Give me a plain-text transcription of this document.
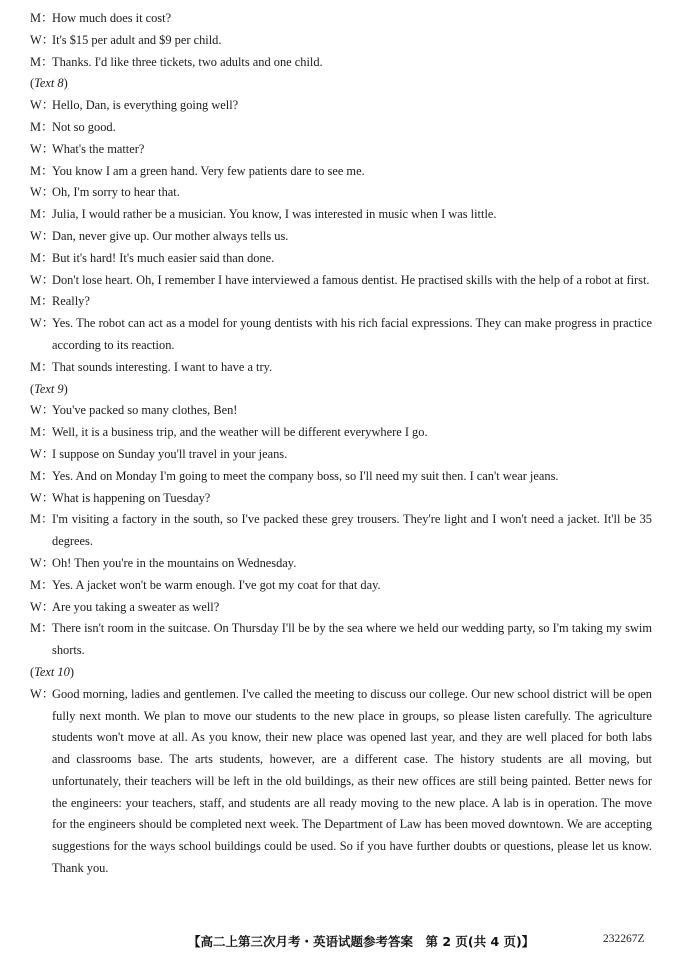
M：
How much does it cost?
W：
It's $15 per adult and $9 per child.
M：
Thanks. I'd like three tickets, two adults and one child.
(Text 8)
W：
Hello, Dan, is everything going well?
M：
Not so good.
W：
What's the matter?
M：
You know I am a green hand. Very few patients dare to see me.
W：
Oh, I'm sorry to hear that.
M：
Julia, I would rather be a musician. You know, I was interested in music when I was little.
W：
Dan, never give up. Our mother always tells us.
M：
But it's hard! It's much easier said than done.
W：
Don't lose heart. Oh, I remember I have interviewed a famous dentist. He practised skills with the help of a robot at first.
M：
Really?
W：
Yes. The robot can act as a model for young dentists with his rich facial expressions. They can make progress in practice according to its reaction.
M：
That sounds interesting. I want to have a try.
(Text 9)
W：
You've packed so many clothes, Ben!
M：
Well, it is a business trip, and the weather will be different everywhere I go.
W：
I suppose on Sunday you'll travel in your jeans.
M：
Yes. And on Monday I'm going to meet the company boss, so I'll need my suit then. I can't wear jeans.
W：
What is happening on Tuesday?
M：
I'm visiting a factory in the south, so I've packed these grey trousers. They're light and I won't need a jacket. It'll be 35 degrees.
W：
Oh! Then you're in the mountains on Wednesday.
M：
Yes. A jacket won't be warm enough. I've got my coat for that day.
W：
Are you taking a sweater as well?
M：
There isn't room in the suitcase. On Thursday I'll be by the sea where we held our wedding party, so I'm taking my swim shorts.
(Text 10)
W：
Good morning, ladies and gentlemen. I've called the meeting to discuss our college. Our new school district will be open fully next month. We plan to move our students to the new place in groups, so please listen carefully. The agriculture students won't move at all. As you know, their new place was opened last year, and they are well placed for both labs and classrooms base. The arts students, however, are a different case. The history students are all moving, but unfortunately, their teachers will be left in the old buildings, as their new offices are still being painted. Better news for the engineers: your teachers, staff, and students are all ready moving to the new place. A lab is in operation. The move for the engineers should be completed next week. The Department of Law has been moved downtown. We are accepting suggestions for the ways school buildings could be used. So if you have further doubts or questions, please let us know. Thank you.
【高二上第三次月考・英语试题参考答案　第 2 页(共 4 页)】	232267Z
